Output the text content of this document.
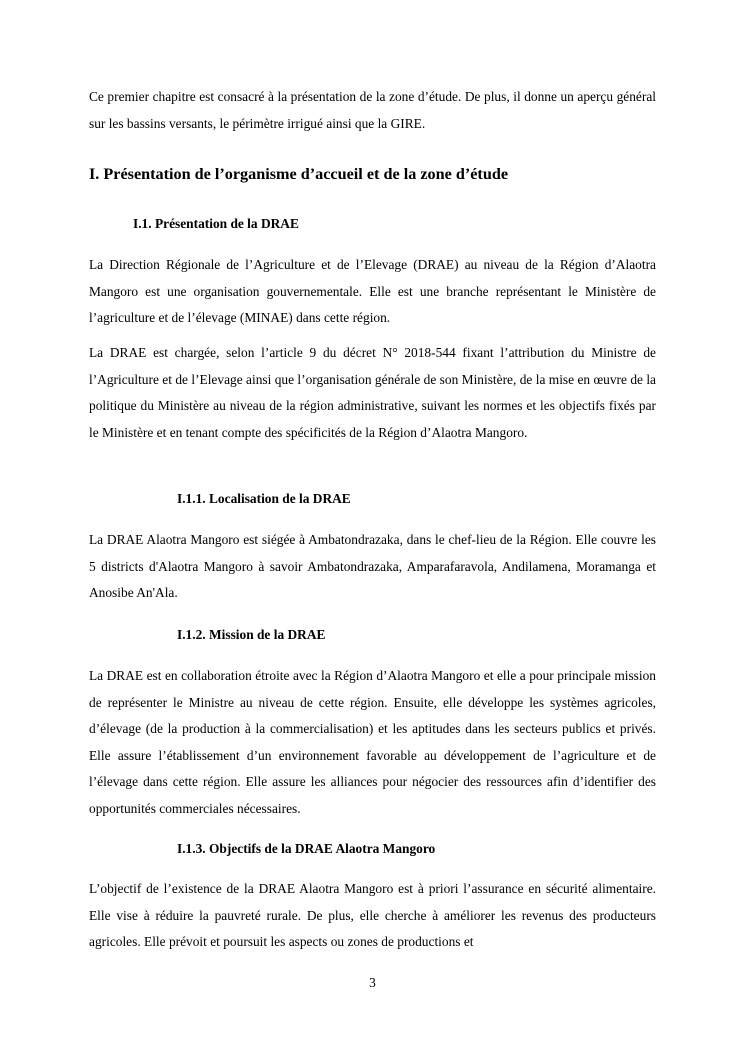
Ce premier chapitre est consacré à la présentation de la zone d’étude. De plus, il donne un aperçu général sur les bassins versants, le périmètre irrigué ainsi que la GIRE.

I. Présentation de l’organisme d’accueil et de la zone d’étude
I.1. Présentation de la DRAE

La Direction Régionale de l’Agriculture et de l’Elevage (DRAE) au niveau de la Région d’Alaotra Mangoro est une organisation gouvernementale. Elle est une branche représentant le Ministère de l’agriculture et de l’élevage (MINAE) dans cette région.

La DRAE est chargée, selon l’article 9 du décret N° 2018-544 fixant l’attribution du Ministre de l’Agriculture et de l’Elevage ainsi que l’organisation générale de son Ministère, de la mise en œuvre de la politique du Ministère au niveau de la région administrative, suivant les normes et les objectifs fixés par le Ministère et en tenant compte des spécificités de la Région d’Alaotra Mangoro.

I.1.1. Localisation de la DRAE

La DRAE Alaotra Mangoro est siégée à Ambatondrazaka, dans le chef-lieu de la Région. Elle couvre les 5 districts d'Alaotra Mangoro à savoir Ambatondrazaka, Amparafaravola, Andilamena, Moramanga et Anosibe An'Ala.

I.1.2. Mission de la DRAE

La DRAE est en collaboration étroite avec la Région d’Alaotra Mangoro et elle a pour principale mission de représenter le Ministre au niveau de cette région. Ensuite, elle développe les systèmes agricoles, d’élevage (de la production à la commercialisation) et les aptitudes dans les secteurs publics et privés. Elle assure l’établissement d’un environnement favorable au développement de l’agriculture et de l’élevage dans cette région. Elle assure les alliances pour négocier des ressources afin d’identifier des opportunités commerciales nécessaires.

I.1.3. Objectifs de la DRAE Alaotra Mangoro

L’objectif de l’existence de la DRAE Alaotra Mangoro est à priori l’assurance en sécurité alimentaire. Elle vise à réduire la pauvreté rurale. De plus, elle cherche à améliorer les revenus des producteurs agricoles. Elle prévoit et poursuit les aspects ou zones de productions et

3
